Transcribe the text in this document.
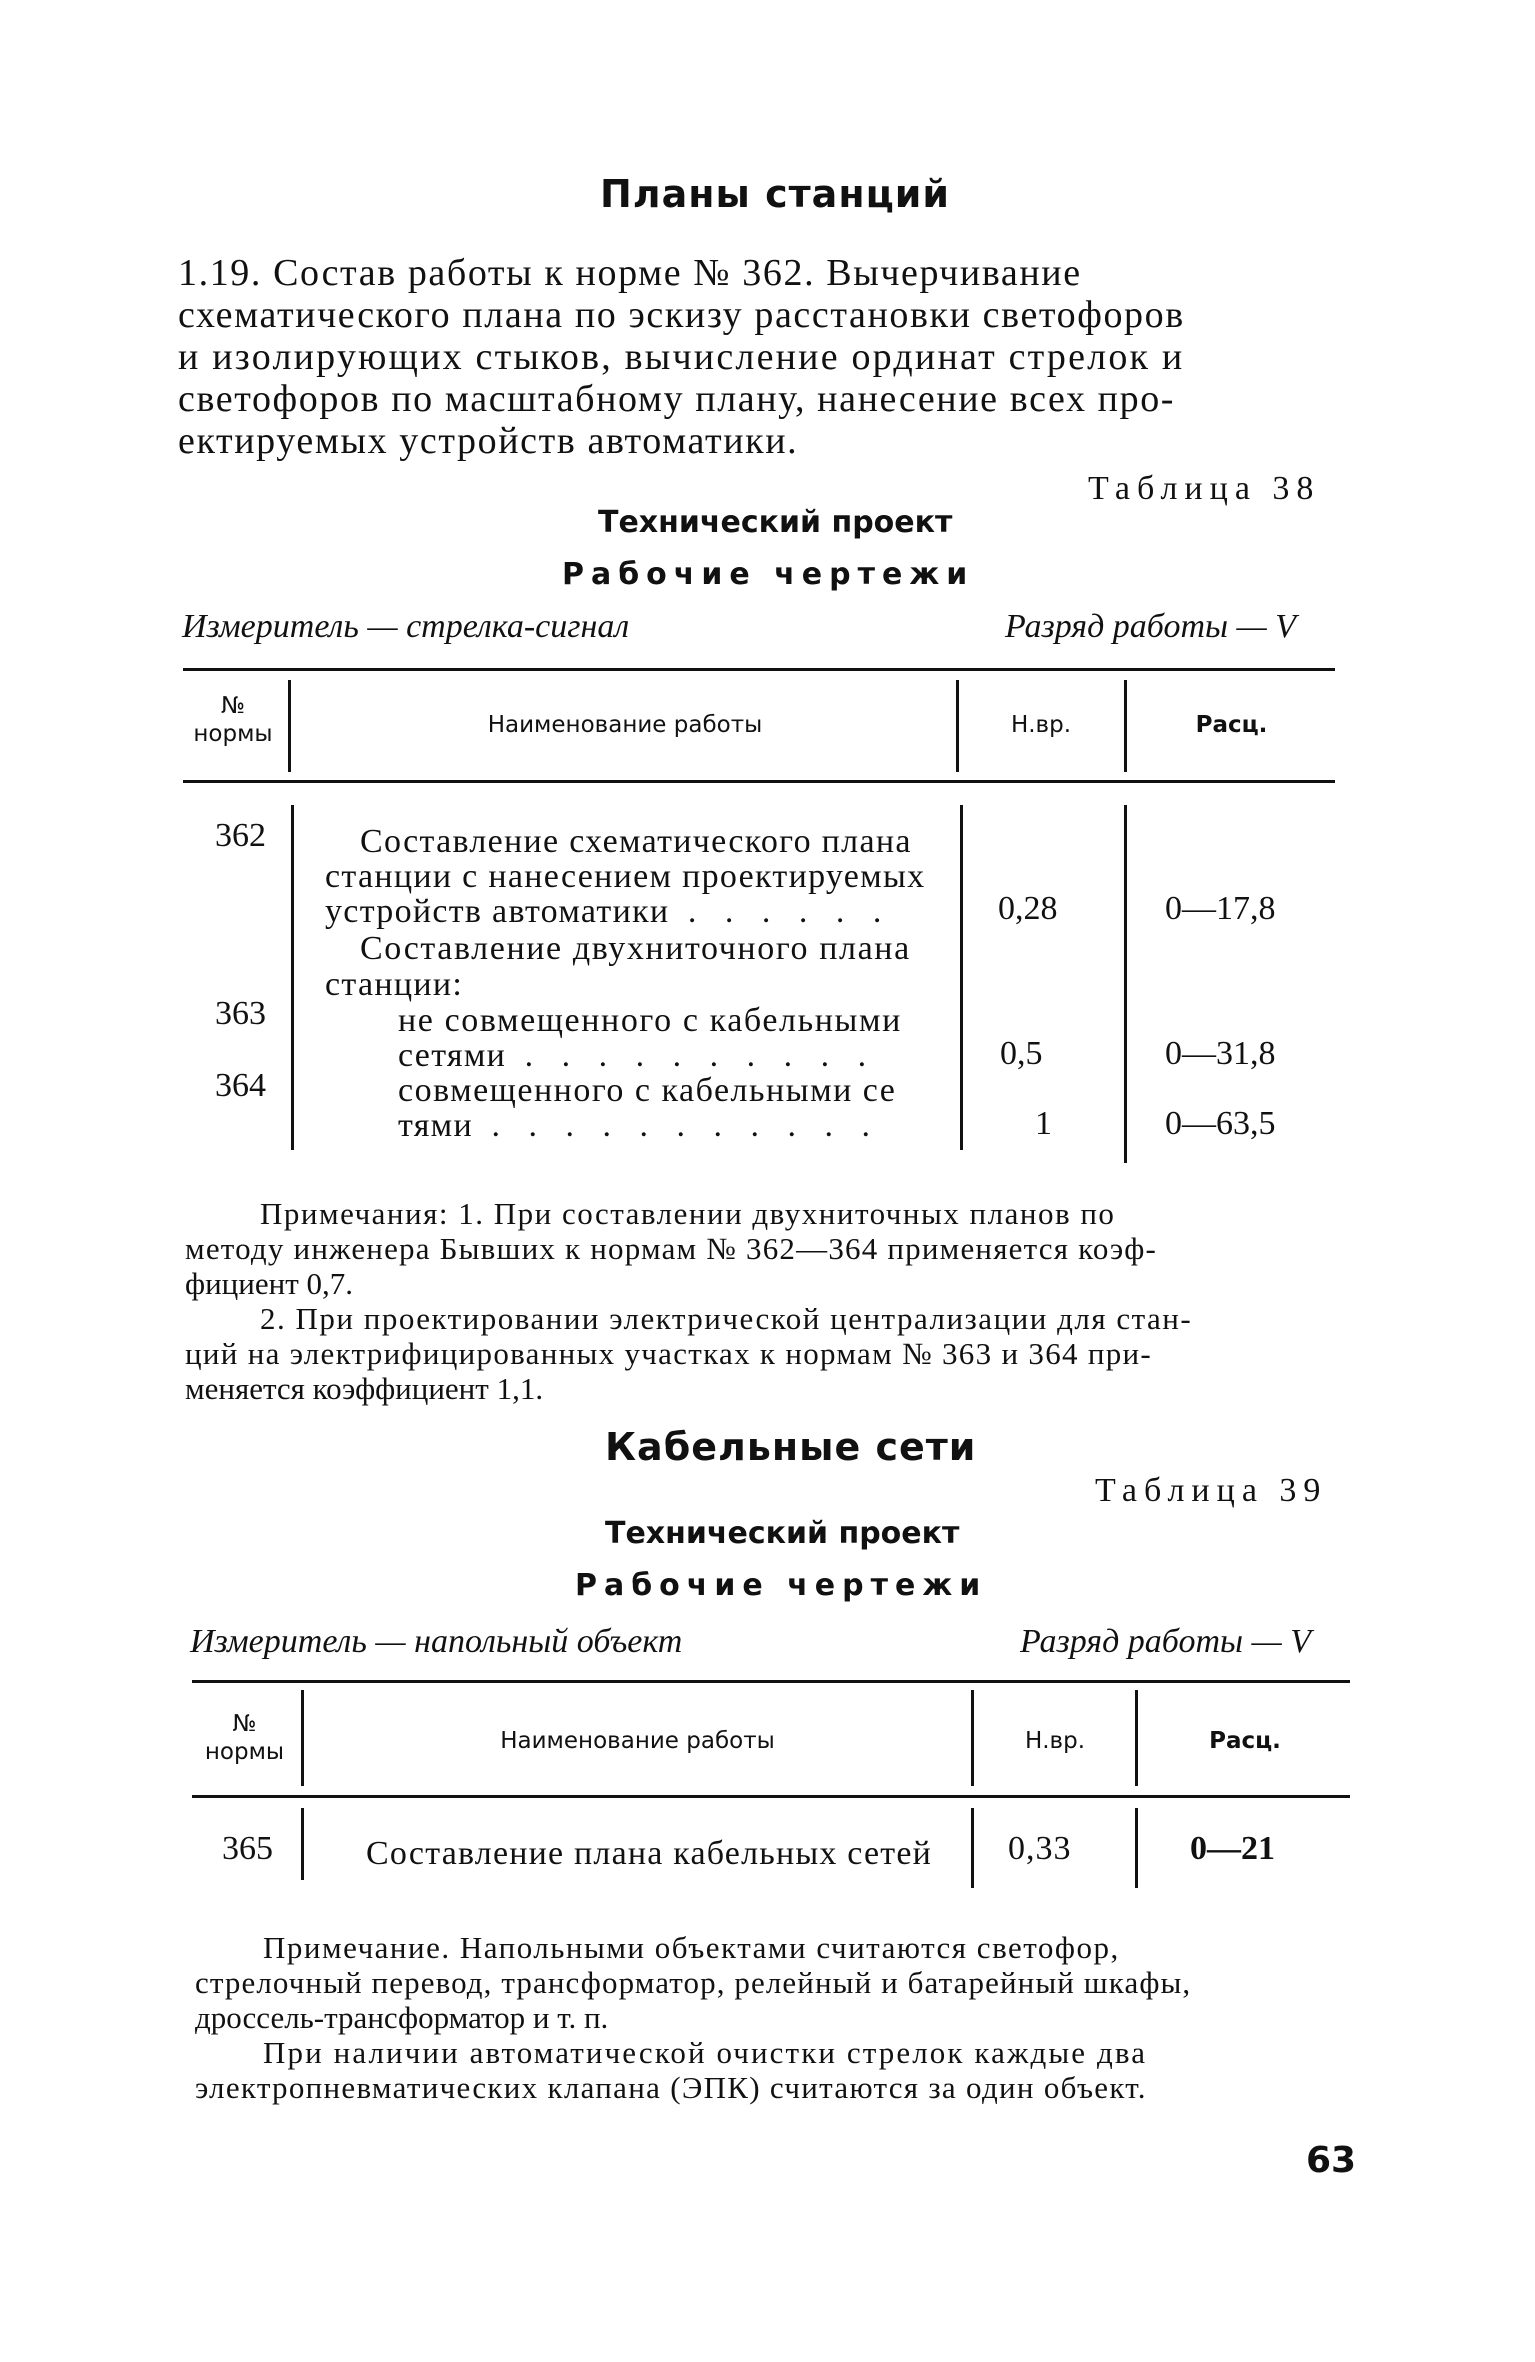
Планы станций
1.19. Состав работы к норме № 362. Вычерчивание
схематического плана по эскизу расстановки светофоров
и изолирующих стыков, вычисление ординат стрелок и
светофоров по масштабному плану, нанесение всех про-
ектируемых устройств автоматики.
Таблица 38
Технический проект
Рабочие чертежи
Измеритель — стрелка-сигнал	Разряд работы — V
№
нормы	Наименование работы	Н.вр.	Расц.
362	Составление схематического плана
станции с нанесением проектируемых
устройств автоматики . . . . . .	0,28	0—17,8
Составление двухниточного плана
станции:
363	не совмещенного с кабельными
сетями . . . . . . . . . .	0,5	0—31,8
364	совмещенного с кабельными се
тями . . . . . . . . . . .	1	0—63,5
Примечания: 1. При составлении двухниточных планов по
методу инженера Бывших к нормам № 362—364 применяется коэф-
фициент 0,7.
2. При проектировании электрической централизации для стан-
ций на электрифицированных участках к нормам № 363 и 364 при-
меняется коэффициент 1,1.
Кабельные сети
Таблица 39
Технический проект
Рабочие чертежи
Измеритель — напольный объект	Разряд работы — V
№
нормы	Наименование работы	Н.вр.	Расц.
365	Составление плана кабельных сетей 0,33	0—21
Примечание. Напольными объектами считаются светофор,
стрелочный перевод, трансформатор, релейный и батарейный шкафы,
дроссель-трансформатор и т. п.
При наличии автоматической очистки стрелок каждые два
электропневматических клапана (ЭПК) считаются за один объект.
63
